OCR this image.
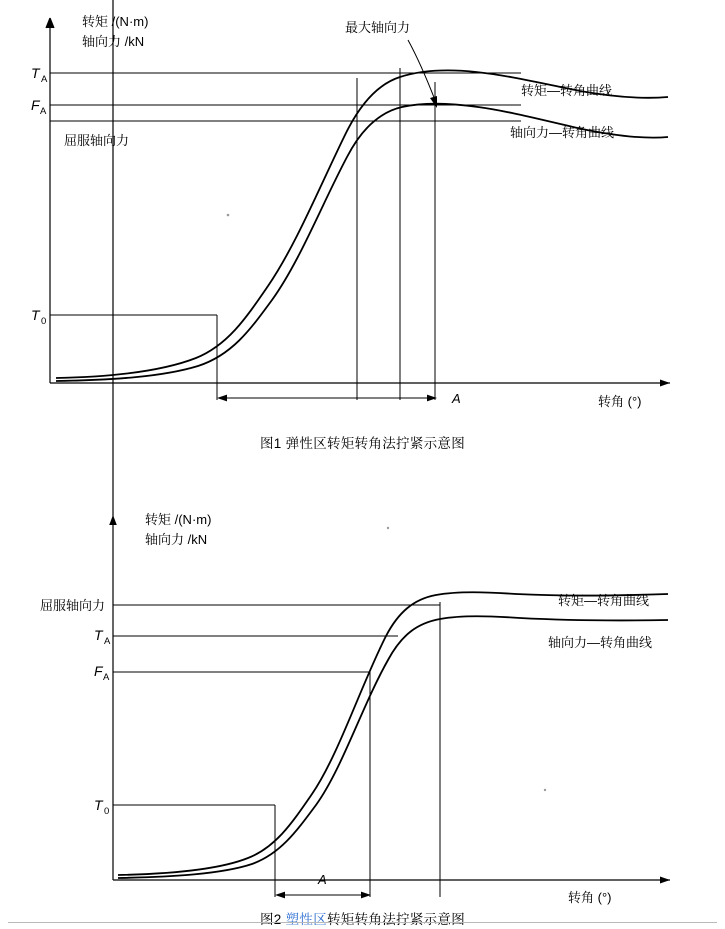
转矩 /(N·m)
轴向力 /kN
转角 (°)
T A
F A
T 0
A
最大轴向力
屈服轴向力
转矩—转角曲线
轴向力—转角曲线
图1 弹性区转矩转角法拧紧示意图
转矩 /(N·m)
轴向力 /kN
转角 (°)
屈服轴向力
T A
F A
T 0
A
转矩—转角曲线
轴向力—转角曲线
图2 塑性区转矩转角法拧紧示意图
